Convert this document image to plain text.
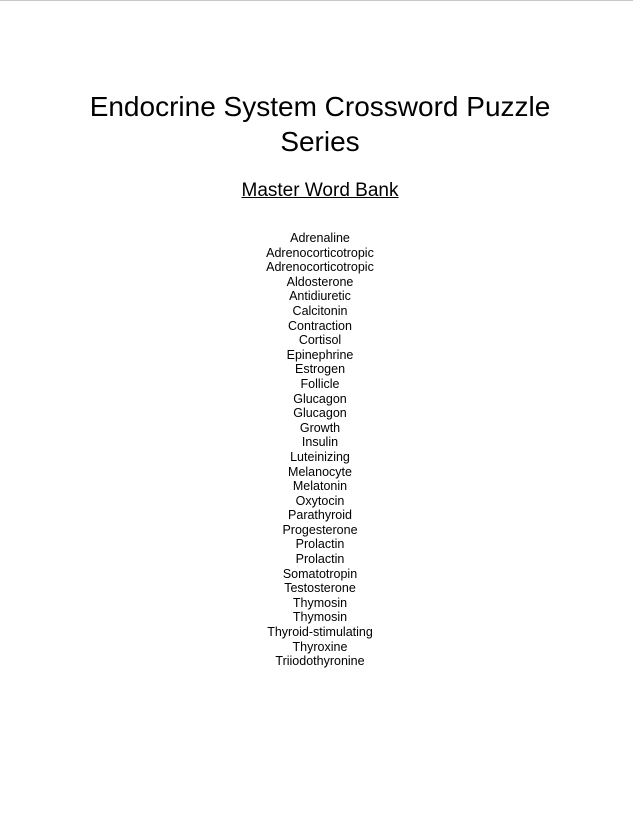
Endocrine System Crossword Puzzle
Series
Master Word Bank
Adrenaline
Adrenocorticotropic
Adrenocorticotropic
Aldosterone
Antidiuretic
Calcitonin
Contraction
Cortisol
Epinephrine
Estrogen
Follicle
Glucagon
Glucagon
Growth
Insulin
Luteinizing
Melanocyte
Melatonin
Oxytocin
Parathyroid
Progesterone
Prolactin
Prolactin
Somatotropin
Testosterone
Thymosin
Thymosin
Thyroid-stimulating
Thyroxine
Triiodothyronine
